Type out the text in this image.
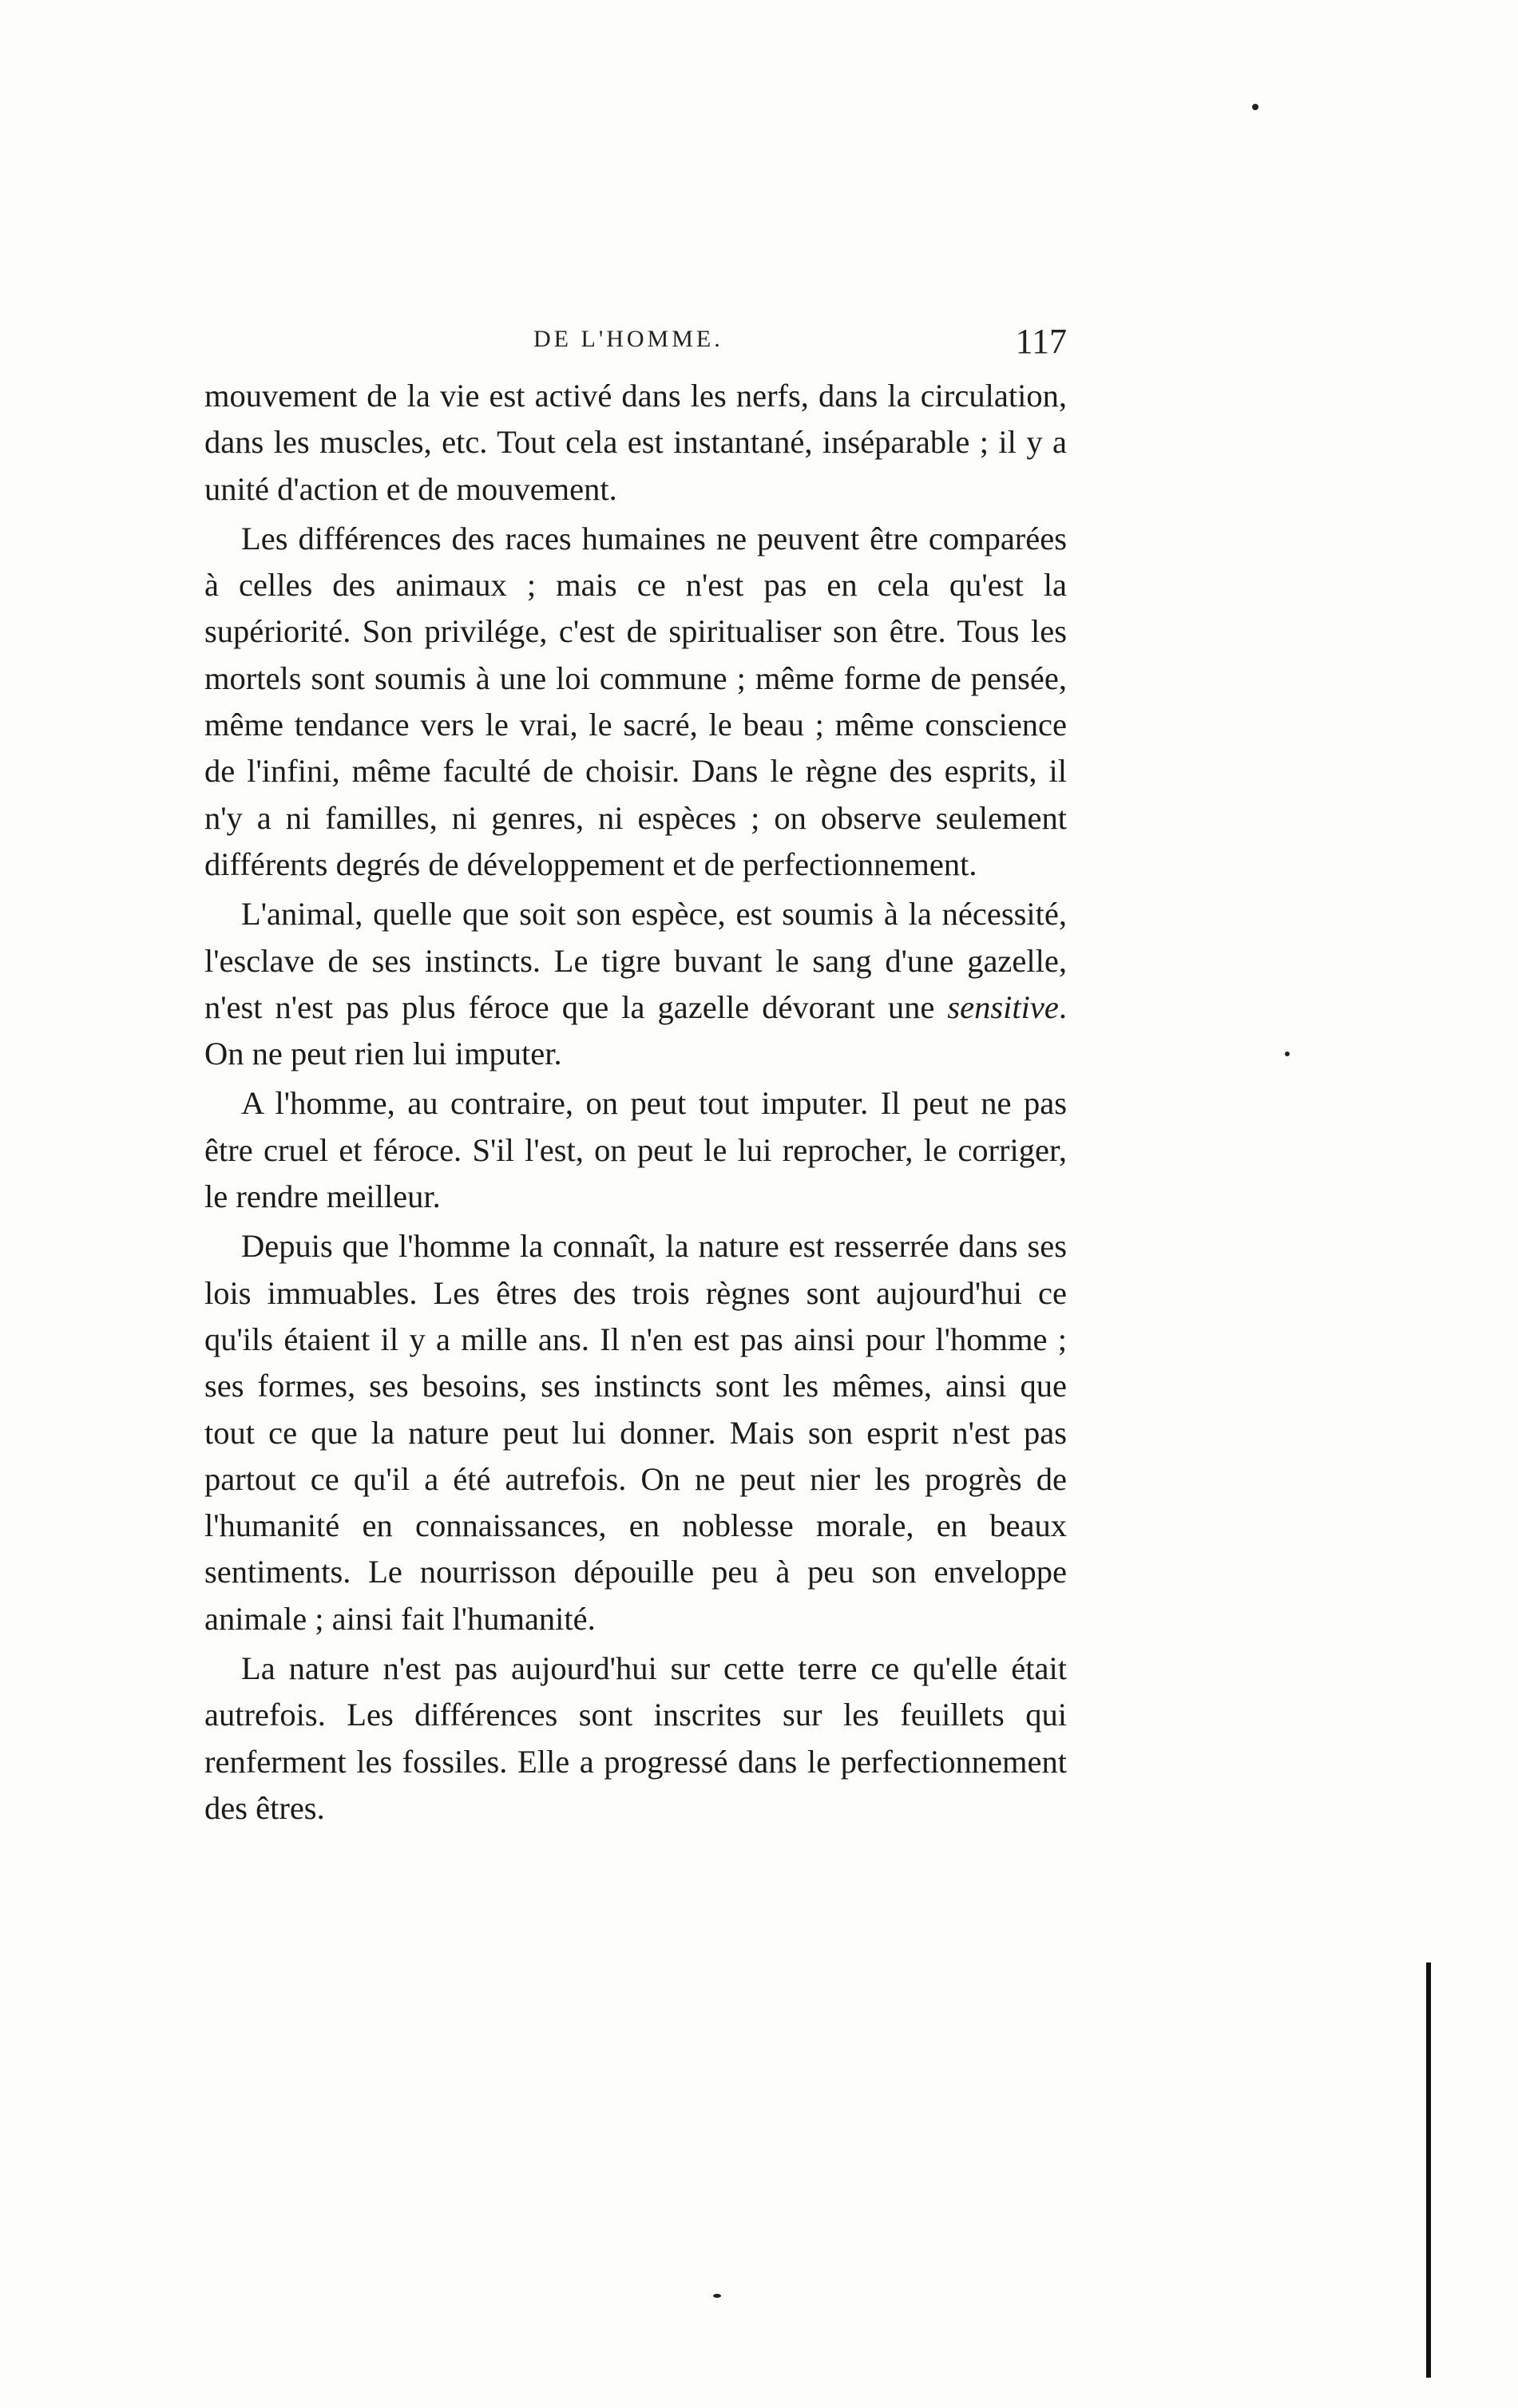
DE L'HOMME.	117

mouvement de la vie est activé dans les nerfs, dans la circulation, dans les muscles, etc. Tout cela est instantané, inséparable ; il y a unité d'action et de mouvement.

Les différences des races humaines ne peuvent être comparées à celles des animaux ; mais ce n'est pas en cela qu'est la supériorité. Son privilége, c'est de spiritualiser son être. Tous les mortels sont soumis à une loi commune ; même forme de pensée, même tendance vers le vrai, le sacré, le beau ; même conscience de l'infini, même faculté de choisir. Dans le règne des esprits, il n'y a ni familles, ni genres, ni espèces ; on observe seulement différents degrés de développement et de perfectionnement.

L'animal, quelle que soit son espèce, est soumis à la nécessité, l'esclave de ses instincts. Le tigre buvant le sang d'une gazelle, n'est n'est pas plus féroce que la gazelle dévorant une sensitive. On ne peut rien lui imputer.

A l'homme, au contraire, on peut tout imputer. Il peut ne pas être cruel et féroce. S'il l'est, on peut le lui reprocher, le corriger, le rendre meilleur.

Depuis que l'homme la connaît, la nature est resserrée dans ses lois immuables. Les êtres des trois règnes sont aujourd'hui ce qu'ils étaient il y a mille ans. Il n'en est pas ainsi pour l'homme ; ses formes, ses besoins, ses instincts sont les mêmes, ainsi que tout ce que la nature peut lui donner. Mais son esprit n'est pas partout ce qu'il a été autrefois. On ne peut nier les progrès de l'humanité en connaissances, en noblesse morale, en beaux sentiments. Le nourrisson dépouille peu à peu son enveloppe animale ; ainsi fait l'humanité.

La nature n'est pas aujourd'hui sur cette terre ce qu'elle était autrefois. Les différences sont inscrites sur les feuillets qui renferment les fossiles. Elle a progressé dans le perfectionnement des êtres.
